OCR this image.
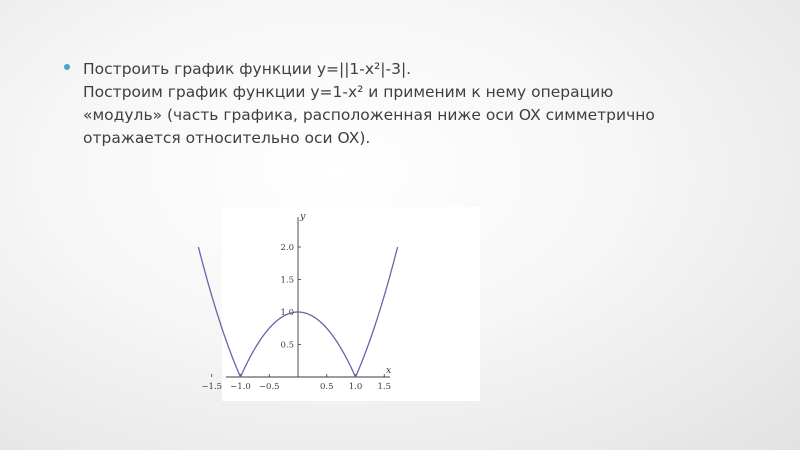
Построить график функции y=||1-x²|-3|.
Построим график функции y=1-x² и применим к нему операцию
«модуль» (часть графика, расположенная ниже оси OX симметрично
отражается относительно оси OX).
−1.5 −1.0 −0.5	0.5 1.0 1.5
0.5
1.0
1.5
2.0
x
y
